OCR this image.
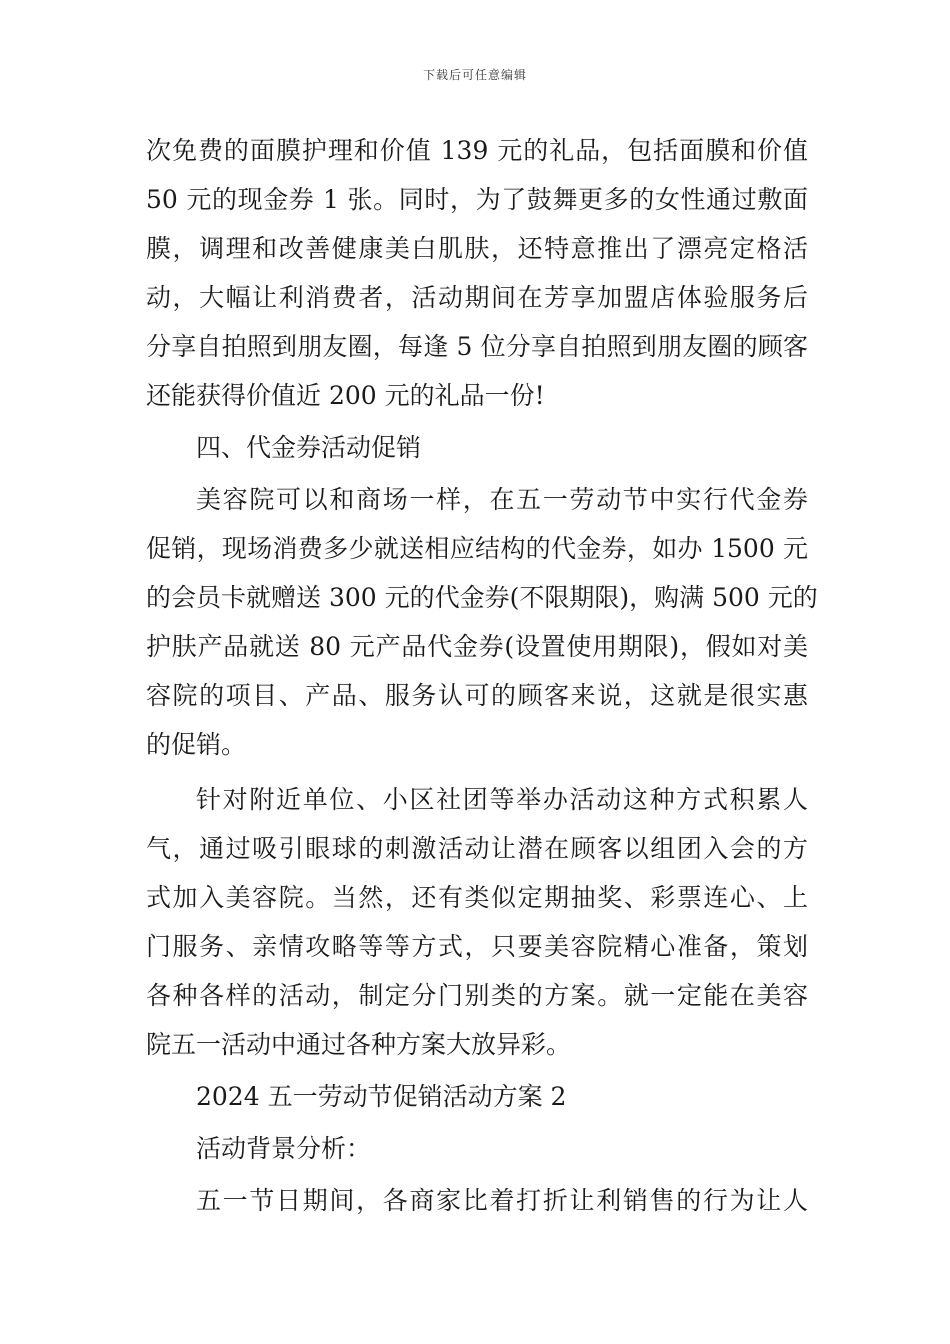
下载后可任意编辑
次免费的面膜护理和价值 139 元的礼品，包括面膜和价值
50 元的现金券 1 张。同时，为了鼓舞更多的女性通过敷面
膜，调理和改善健康美白肌肤，还特意推出了漂亮定格活
动，大幅让利消费者，活动期间在芳享加盟店体验服务后
分享自拍照到朋友圈，每逢 5 位分享自拍照到朋友圈的顾客
还能获得价值近 200 元的礼品一份!
四、代金券活动促销
美容院可以和商场一样，在五一劳动节中实行代金券
促销，现场消费多少就送相应结构的代金券，如办 1500 元
的会员卡就赠送 300 元的代金券(不限期限)，购满 500 元的
护肤产品就送 80 元产品代金券(设置使用期限)，假如对美
容院的项目、产品、服务认可的顾客来说，这就是很实惠
的促销。
针对附近单位、小区社团等举办活动这种方式积累人
气，通过吸引眼球的刺激活动让潜在顾客以组团入会的方
式加入美容院。当然，还有类似定期抽奖、彩票连心、上
门服务、亲情攻略等等方式，只要美容院精心准备，策划
各种各样的活动，制定分门别类的方案。就一定能在美容
院五一活动中通过各种方案大放异彩。
2024 五一劳动节促销活动方案 2
活动背景分析：
五一节日期间，各商家比着打折让利销售的行为让人
